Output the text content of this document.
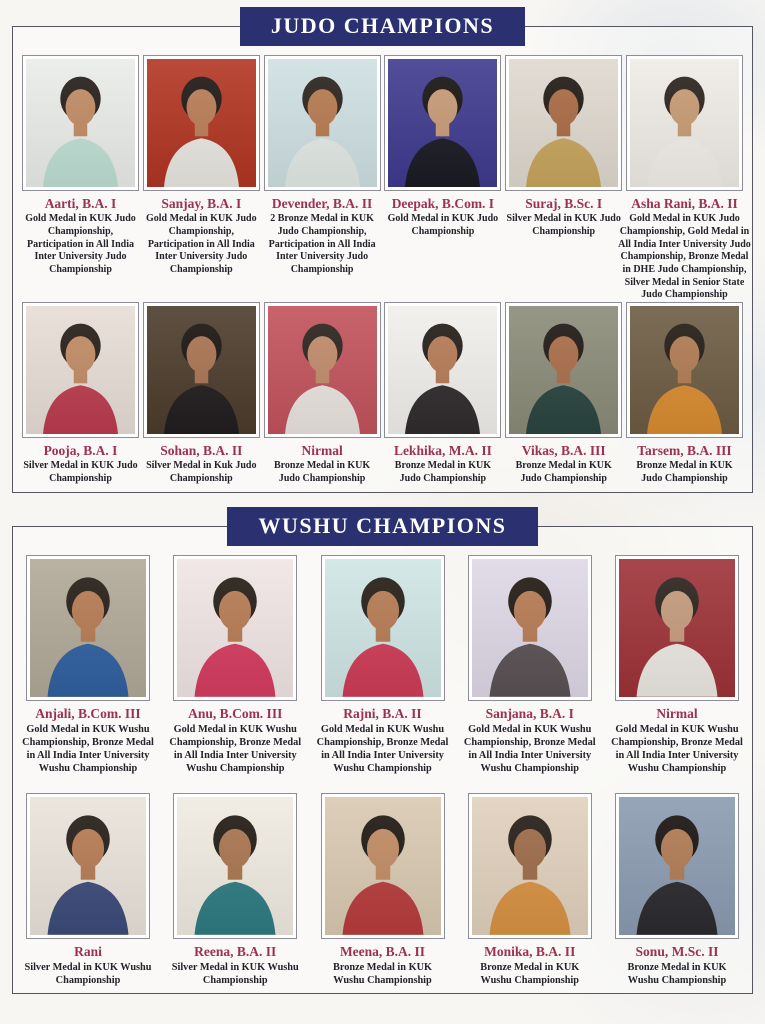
JUDO CHAMPIONS
Aarti, B.A. I
Gold Medal in KUK Judo Championship, Participation in All India Inter University Judo Championship
Sanjay, B.A. I
Gold Medal in KUK Judo Championship, Participation in All India Inter University Judo Championship
Devender, B.A. II
2 Bronze Medal in KUK Judo Championship, Participation in All India Inter University Judo Championship
Deepak, B.Com. I
Gold Medal in KUK Judo Championship
Suraj, B.Sc. I
Silver Medal in KUK Judo Championship
Asha Rani, B.A. II
Gold Medal in KUK Judo Championship, Gold Medal in All India Inter University Judo Championship, Bronze Medal in DHE Judo Championship, Silver Medal in Senior State Judo Championship
Pooja, B.A. I
Silver Medal in KUK Judo Championship
Sohan, B.A. II
Silver Medal in Kuk Judo Championship
Nirmal
Bronze Medal in KUK Judo Championship
Lekhika, M.A. II
Bronze Medal in KUK Judo Championship
Vikas, B.A. III
Bronze Medal in KUK Judo Championship
Tarsem, B.A. III
Bronze Medal in KUK Judo Championship
WUSHU CHAMPIONS
Anjali, B.Com. III
Gold Medal in KUK Wushu Championship, Bronze Medal in All India Inter University Wushu Championship
Anu, B.Com. III
Gold Medal in KUK Wushu Championship, Bronze Medal in All India Inter University Wushu Championship
Rajni, B.A. II
Gold Medal in KUK Wushu Championship, Bronze Medal in All India Inter University Wushu Championship
Sanjana, B.A. I
Gold Medal in KUK Wushu Championship, Bronze Medal in All India Inter University Wushu Championship
Nirmal
Gold Medal in KUK Wushu Championship, Bronze Medal in All India Inter University Wushu Championship
Rani
Silver Medal in KUK Wushu Championship
Reena, B.A. II
Silver Medal in KUK Wushu Championship
Meena, B.A. II
Bronze Medal in KUK Wushu Championship
Monika, B.A. II
Bronze Medal in KUK Wushu Championship
Sonu, M.Sc. II
Bronze Medal in KUK Wushu Championship
